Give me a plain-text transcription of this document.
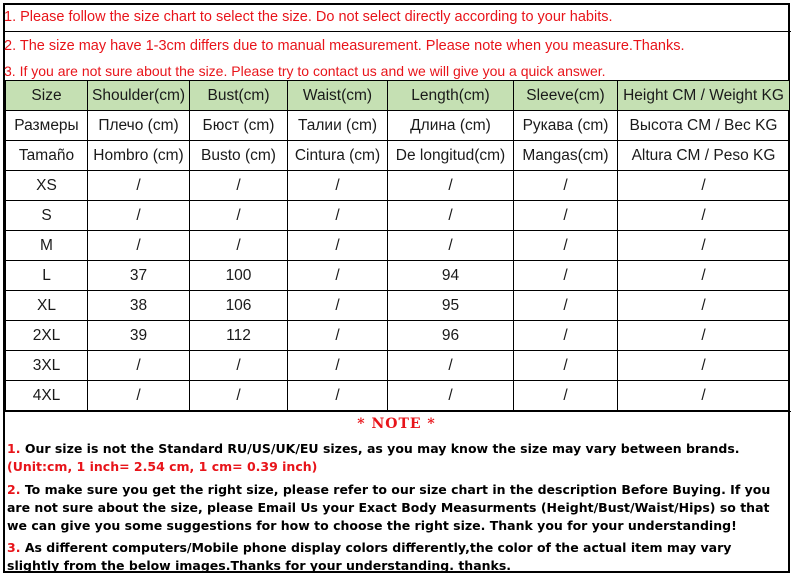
1. Please follow the size chart to select the size. Do not select directly according to your habits.
2. The size may have 1-3cm differs due to manual measurement. Please note when you measure.Thanks.
3. If you are not sure about the size. Please try to contact us and we will give you a quick answer.
Size	Shoulder(cm)	Bust(cm)	Waist(cm)	Length(cm)	Sleeve(cm)	Height CM / Weight KG
Размеры	Плечо (cm)	Бюст (cm)	Талии (cm)	Длина (cm)	Рукава (cm)	Высота CM / Вес KG
Tamaño	Hombro (cm)	Busto (cm)	Cintura (cm)	De longitud(cm)	Mangas(cm)	Altura CM / Peso KG
XS	/	/	/	/	/	/
S	/	/	/	/	/	/
M	/	/	/	/	/	/
L	37	100	/	94	/	/
XL	38	106	/	95	/	/
2XL	39	112	/	96	/	/
3XL	/	/	/	/	/	/
4XL	/	/	/	/	/	/
* NOTE *
1. Our size is not the Standard RU/US/UK/EU sizes, as you may know the size may vary between brands.
(Unit:cm, 1 inch= 2.54 cm, 1 cm= 0.39 inch)
2. To make sure you get the right size, please refer to our size chart in the description Before Buying. If you are not sure about the size, please Email Us your Exact Body Measurments (Height/Bust/Waist/Hips) so that we can give you some suggestions for how to choose the right size. Thank you for your understanding!
3. As different computers/Mobile phone display colors differently,the color of the actual item may vary slightly from the below images.Thanks for your understanding. thanks.
